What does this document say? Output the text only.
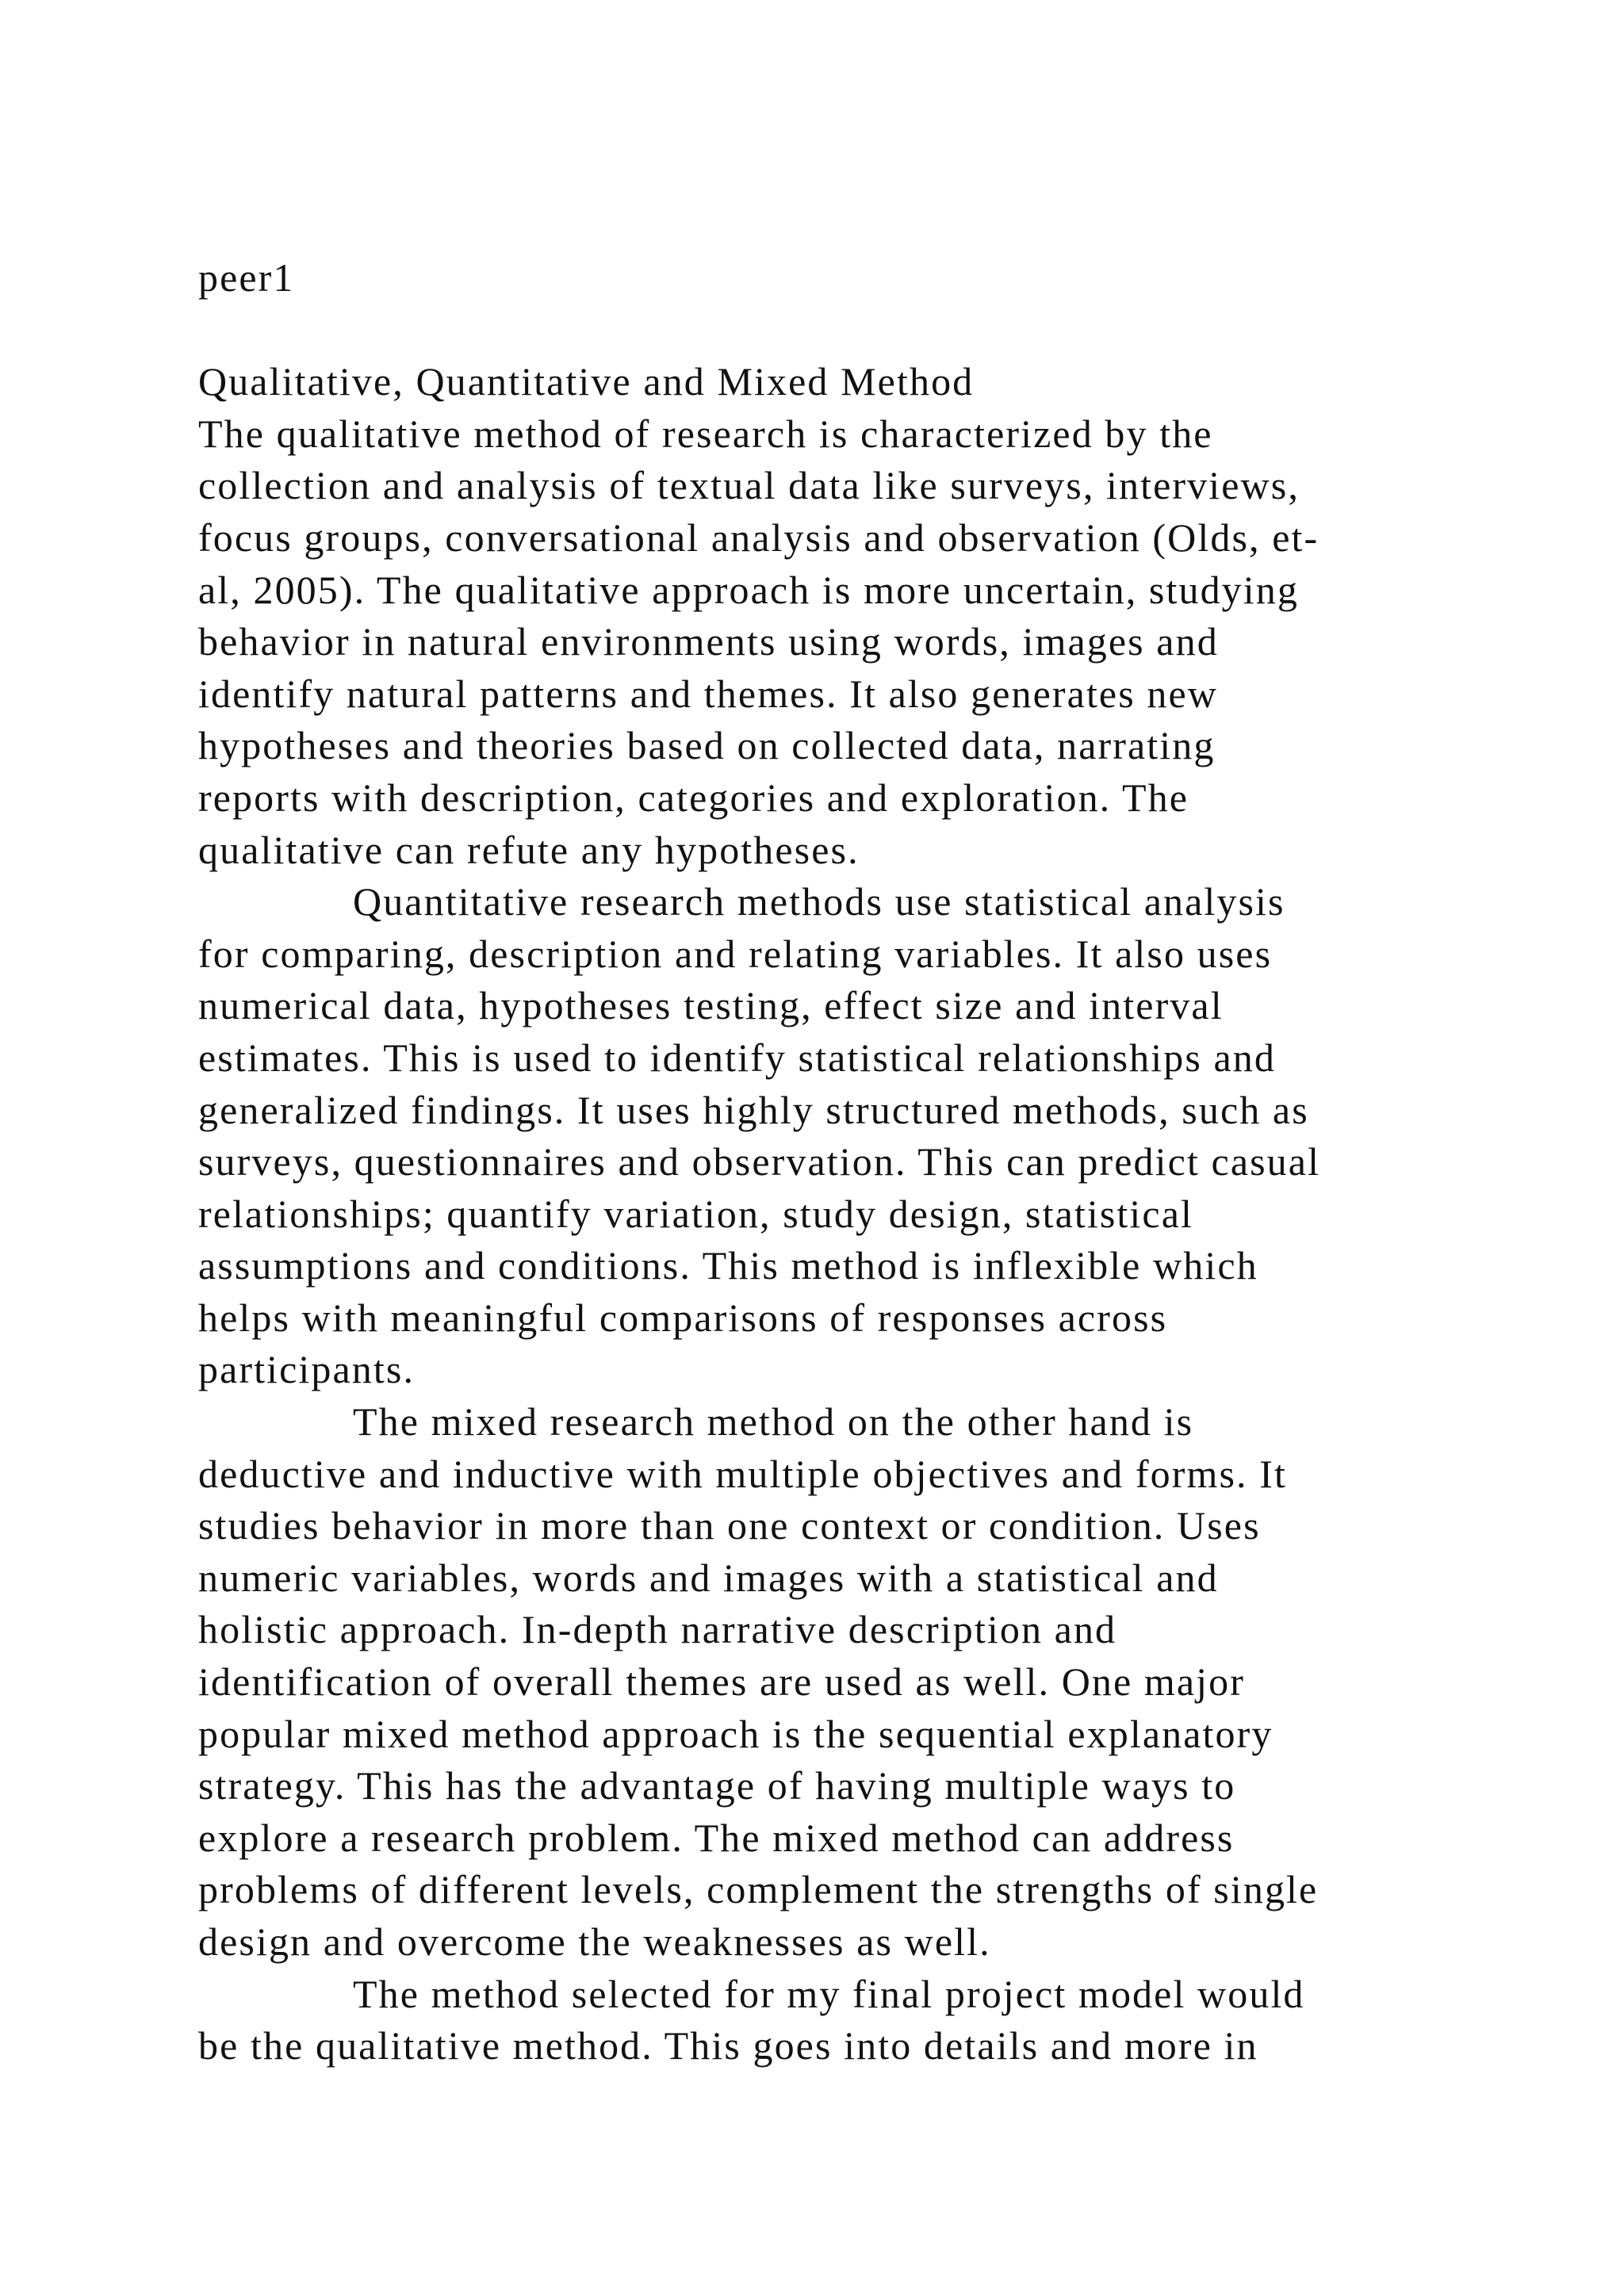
peer1
Qualitative, Quantitative and Mixed Method
The qualitative method of research is characterized by the
collection and analysis of textual data like surveys, interviews,
focus groups, conversational analysis and observation (Olds, et-
al, 2005). The qualitative approach is more uncertain, studying
behavior in natural environments using words, images and
identify natural patterns and themes. It also generates new
hypotheses and theories based on collected data, narrating
reports with description, categories and exploration. The
qualitative can refute any hypotheses.
Quantitative research methods use statistical analysis
for comparing, description and relating variables. It also uses
numerical data, hypotheses testing, effect size and interval
estimates. This is used to identify statistical relationships and
generalized findings. It uses highly structured methods, such as
surveys, questionnaires and observation. This can predict casual
relationships; quantify variation, study design, statistical
assumptions and conditions. This method is inflexible which
helps with meaningful comparisons of responses across
participants.
The mixed research method on the other hand is
deductive and inductive with multiple objectives and forms. It
studies behavior in more than one context or condition. Uses
numeric variables, words and images with a statistical and
holistic approach. In-depth narrative description and
identification of overall themes are used as well. One major
popular mixed method approach is the sequential explanatory
strategy. This has the advantage of having multiple ways to
explore a research problem. The mixed method can address
problems of different levels, complement the strengths of single
design and overcome the weaknesses as well.
The method selected for my final project model would
be the qualitative method. This goes into details and more in
